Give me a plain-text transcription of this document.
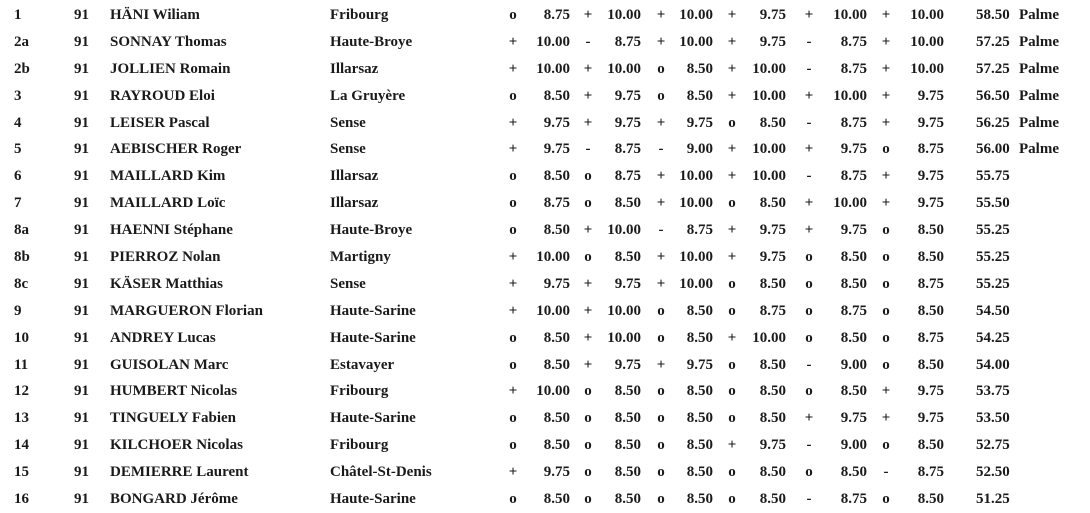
1	91 HÄNI Wiliam	Fribourg	o	8.75 + 10.00 + 10.00 +	9.75 +	10.00 +	10.00 58.50 Palme
2a	91 SONNAY Thomas	Haute-Broye	+	10.00 -	8.75 + 10.00 +	9.75 -	8.75 +	10.00 57.25 Palme
2b	91 JOLLIEN Romain	Illarsaz	+	10.00 + 10.00 o	8.50 +	10.00 -	8.75 +	10.00 57.25 Palme
3	91 RAYROUD Eloi	La Gruyère	o	8.50 +	9.75 o	8.50 +	10.00 +	10.00 +	9.75 56.50 Palme
4	91 LEISER Pascal	Sense	+	9.75 +	9.75 +	9.75 o	8.50 -	8.75 +	9.75 56.25 Palme
5	91 AEBISCHER Roger	Sense	+	9.75 -	8.75 -	9.00 +	10.00 +	9.75 o	8.75 56.00 Palme
6	91 MAILLARD Kim	Illarsaz	o	8.50 o	8.75 + 10.00 +	10.00 -	8.75 +	9.75 55.75
7	91 MAILLARD Loïc	Illarsaz	o	8.75 o	8.50 + 10.00 o	8.50 +	10.00 +	9.75 55.50
8a	91 HAENNI Stéphane	Haute-Broye	o	8.50 + 10.00 -	8.75 +	9.75 +	9.75 o	8.50 55.25
8b	91 PIERROZ Nolan	Martigny	+	10.00 o	8.50 + 10.00 +	9.75 o	8.50 o	8.50 55.25
8c	91 KÄSER Matthias	Sense	+	9.75 +	9.75 + 10.00 o	8.50 o	8.50 o	8.75 55.25
9	91 MARGUERON Florian	Haute-Sarine	+	10.00 + 10.00 o	8.50 o	8.75 o	8.75 o	8.50 54.50
10	91 ANDREY Lucas	Haute-Sarine	o	8.50 + 10.00 o	8.50 +	10.00 o	8.50 o	8.75 54.25
11	91 GUISOLAN Marc	Estavayer	o	8.50 +	9.75 +	9.75 o	8.50 -	9.00 o	8.50 54.00
12	91 HUMBERT Nicolas	Fribourg	+	10.00 o	8.50 o	8.50 o	8.50 o	8.50 +	9.75 53.75
13	91 TINGUELY Fabien	Haute-Sarine	o	8.50 o	8.50 o	8.50 o	8.50 +	9.75 +	9.75 53.50
14	91 KILCHOER Nicolas	Fribourg	o	8.50 o	8.50 o	8.50 +	9.75 -	9.00 o	8.50 52.75
15	91 DEMIERRE Laurent	Châtel-St-Denis	+	9.75 o	8.50 o	8.50 o	8.50 o	8.50 -	8.75 52.50
16	91 BONGARD Jérôme	Haute-Sarine	o	8.50 o	8.50 o	8.50 o	8.50 -	8.75 o	8.50 51.25
